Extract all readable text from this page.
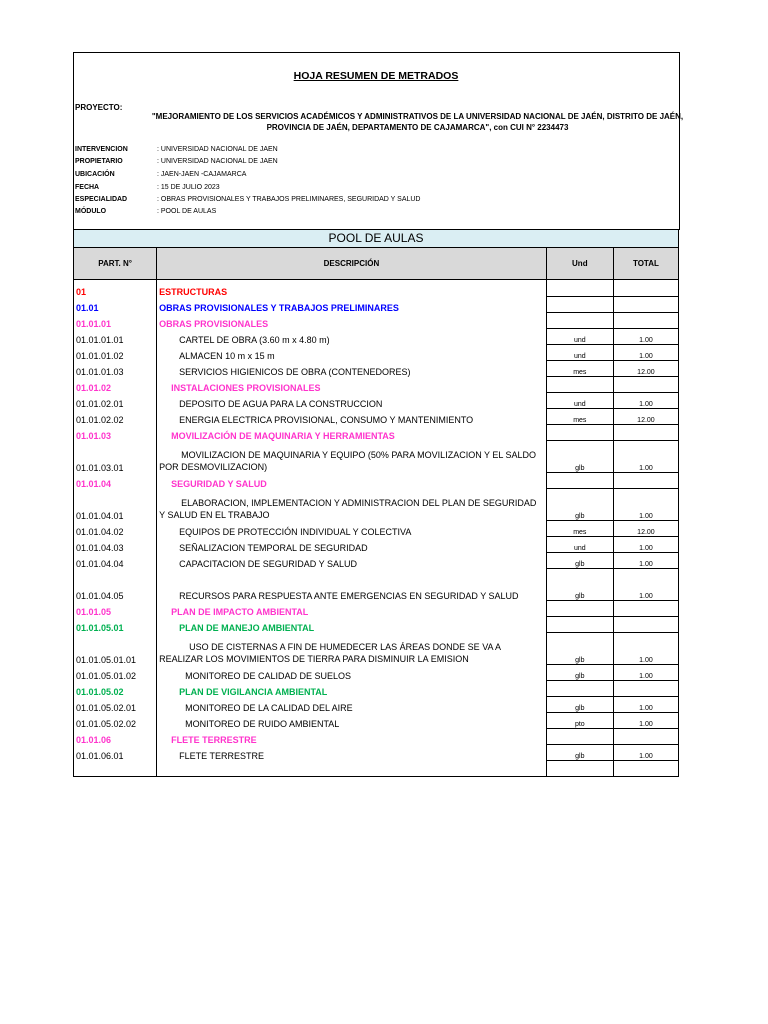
HOJA RESUMEN DE METRADOS
PROYECTO:
"MEJORAMIENTO DE LOS SERVICIOS ACADÉMICOS Y ADMINISTRATIVOS DE LA UNIVERSIDAD NACIONAL DE JAÉN, DISTRITO DE JAÉN, PROVINCIA DE JAÉN, DEPARTAMENTO DE CAJAMARCA", con CUI N° 2234473
INTERVENCION	: UNIVERSIDAD NACIONAL DE JAEN
PROPIETARIO	: UNIVERSIDAD NACIONAL DE JAEN
UBICACIÓN	: JAEN-JAEN -CAJAMARCA
FECHA	: 15 DE JULIO 2023
ESPECIALIDAD	: OBRAS PROVISIONALES Y TRABAJOS PRELIMINARES, SEGURIDAD Y SALUD
MÓDULO	: POOL DE AULAS
POOL DE AULAS
PART. N°	DESCRIPCIÓN	Und	TOTAL
01	ESTRUCTURAS		
01.01	OBRAS PROVISIONALES Y TRABAJOS PRELIMINARES		
01.01.01	OBRAS PROVISIONALES		
01.01.01.01	CARTEL DE OBRA (3.60 m x 4.80 m)	und	1.00
01.01.01.02	ALMACEN 10 m x 15 m	und	1.00
01.01.01.03	SERVICIOS HIGIENICOS DE OBRA (CONTENEDORES)	mes	12.00
01.01.02	INSTALACIONES PROVISIONALES		
01.01.02.01	DEPOSITO DE AGUA PARA LA CONSTRUCCION	und	1.00
01.01.02.02	ENERGIA ELECTRICA PROVISIONAL, CONSUMO Y MANTENIMIENTO	mes	12.00
01.01.03	MOVILIZACIÓN DE MAQUINARIA Y HERRAMIENTAS		
01.01.03.01	MOVILIZACION DE MAQUINARIA Y EQUIPO (50% PARA MOVILIZACION Y EL SALDO POR DESMOVILIZACION)	glb	1.00
01.01.04	SEGURIDAD Y SALUD		
01.01.04.01	ELABORACION, IMPLEMENTACION Y ADMINISTRACION DEL PLAN DE SEGURIDAD Y SALUD EN EL TRABAJO	glb	1.00
01.01.04.02	EQUIPOS DE PROTECCIÓN INDIVIDUAL Y COLECTIVA	mes	12.00
01.01.04.03	SEÑALIZACION TEMPORAL DE SEGURIDAD	und	1.00
01.01.04.04	CAPACITACION DE SEGURIDAD Y SALUD	glb	1.00
01.01.04.05	RECURSOS PARA RESPUESTA ANTE EMERGENCIAS EN SEGURIDAD Y SALUD	glb	1.00
01.01.05	PLAN DE IMPACTO AMBIENTAL		
01.01.05.01	PLAN DE MANEJO AMBIENTAL		
01.01.05.01.01	USO DE CISTERNAS A FIN DE HUMEDECER LAS ÁREAS DONDE SE VA A REALIZAR LOS MOVIMIENTOS DE TIERRA PARA DISMINUIR LA EMISION	glb	1.00
01.01.05.01.02	MONITOREO DE CALIDAD DE SUELOS	glb	1.00
01.01.05.02	PLAN DE VIGILANCIA AMBIENTAL		
01.01.05.02.01	MONITOREO DE LA CALIDAD DEL AIRE	glb	1.00
01.01.05.02.02	MONITOREO DE RUIDO AMBIENTAL	pto	1.00
01.01.06	FLETE TERRESTRE		
01.01.06.01	FLETE TERRESTRE	glb	1.00
